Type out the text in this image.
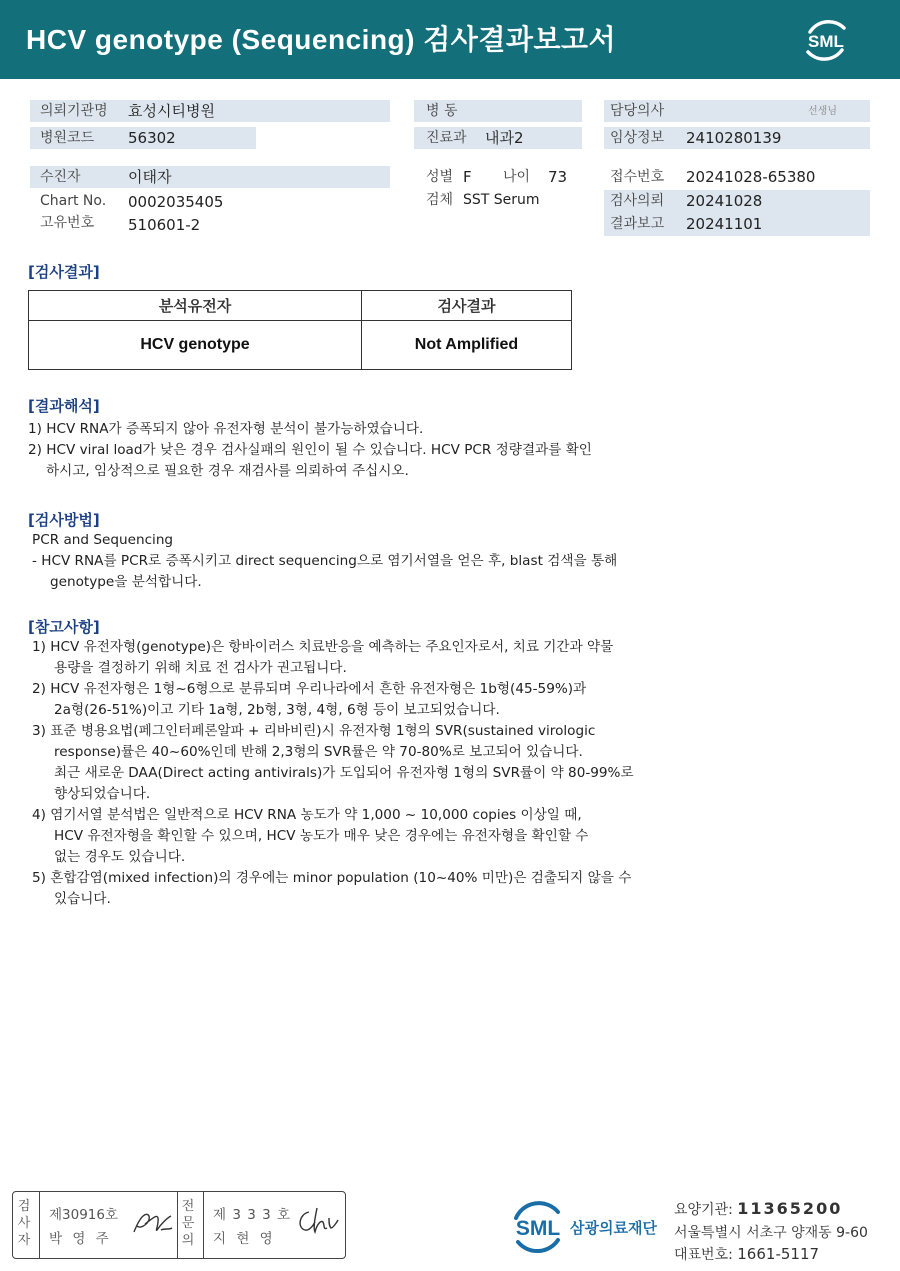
HCV genotype (Sequencing) 검사결과보고서	SML
의뢰기관명 효성시티병원
병원코드 56302
병 동
진료과 내과2
담당의사	선생님
임상정보 2410280139
수진자	이태자
Chart No. 0002035405
고유번호 510601-2
성별 F 나이 73
검체 SST Serum
접수번호 20241028-65380
검사의뢰 20241028
결과보고 20241101
[검사결과]
분석유전자	검사결과
HCV genotype	Not Amplified
[결과해석]
1) HCV RNA가 증폭되지 않아 유전자형 분석이 불가능하였습니다.
2) HCV viral load가 낮은 경우 검사실패의 원인이 될 수 있습니다. HCV PCR 정량결과를 확인
하시고, 임상적으로 필요한 경우 재검사를 의뢰하여 주십시오.
[검사방법]
PCR and Sequencing
- HCV RNA를 PCR로 증폭시키고 direct sequencing으로 염기서열을 얻은 후, blast 검색을 통해
genotype을 분석합니다.
[참고사항]
1) HCV 유전자형(genotype)은 항바이러스 치료반응을 예측하는 주요인자로서, 치료 기간과 약물
용량을 결정하기 위해 치료 전 검사가 권고됩니다.
2) HCV 유전자형은 1형~6형으로 분류되며 우리나라에서 흔한 유전자형은 1b형(45-59%)과
2a형(26-51%)이고 기타 1a형, 2b형, 3형, 4형, 6형 등이 보고되었습니다.
3) 표준 병용요법(페그인터페론알파 + 리바비린)시 유전자형 1형의 SVR(sustained virologic
response)률은 40~60%인데 반해 2,3형의 SVR률은 약 70-80%로 보고되어 있습니다.
최근 새로운 DAA(Direct acting antivirals)가 도입되어 유전자형 1형의 SVR률이 약 80-99%로
향상되었습니다.
4) 염기서열 분석법은 일반적으로 HCV RNA 농도가 약 1,000 ~ 10,000 copies 이상일 때,
HCV 유전자형을 확인할 수 있으며, HCV 농도가 매우 낮은 경우에는 유전자형을 확인할 수
없는 경우도 있습니다.
5) 혼합감염(mixed infection)의 경우에는 minor population (10~40% 미만)은 검출되지 않을 수
있습니다.
검사자
제30916호
박 영 주
전문의
제 3 3 3 호
지 현 영	SML 삼광의료재단
요양기관: 11365200
서울특별시 서초구 양재동 9-60
대표번호: 1661-5117
